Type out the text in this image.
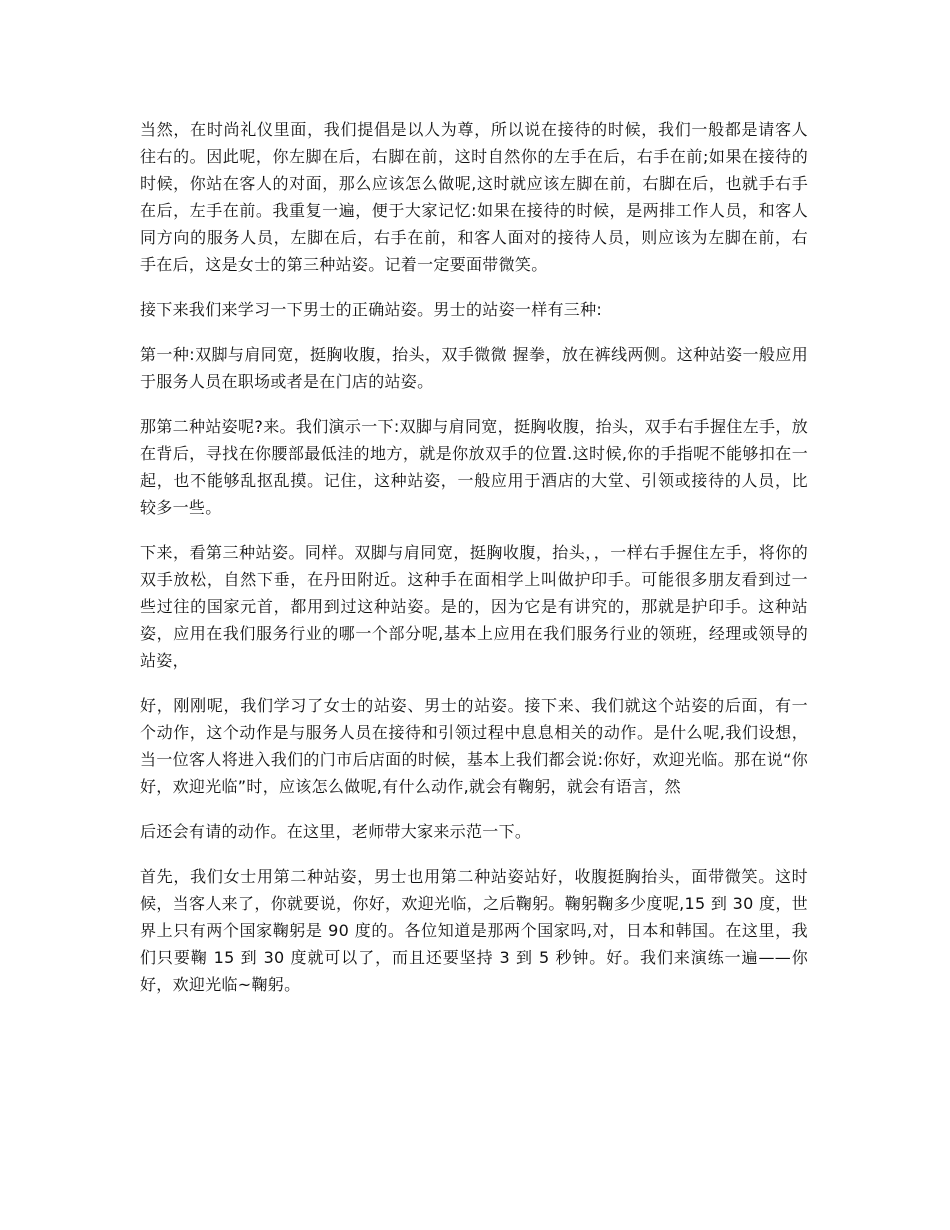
当然，在时尚礼仪里面，我们提倡是以人为尊，所以说在接待的时候，我们一般都是请客人往右的。因此呢，你左脚在后，右脚在前，这时自然你的左手在后，右手在前;如果在接待的时候，你站在客人的对面，那么应该怎么做呢,这时就应该左脚在前，右脚在后，也就手右手在后，左手在前。我重复一遍，便于大家记忆:如果在接待的时候，是两排工作人员，和客人同方向的服务人员，左脚在后，右手在前，和客人面对的接待人员，则应该为左脚在前，右手在后，这是女士的第三种站姿。记着一定要面带微笑。

接下来我们来学习一下男士的正确站姿。男士的站姿一样有三种:

第一种:双脚与肩同宽，挺胸收腹，抬头，双手微微 握拳，放在裤线两侧。这种站姿一般应用于服务人员在职场或者是在门店的站姿。

那第二种站姿呢?来。我们演示一下:双脚与肩同宽，挺胸收腹，抬头，双手右手握住左手，放在背后，寻找在你腰部最低洼的地方，就是你放双手的位置.这时候,你的手指呢不能够扣在一起，也不能够乱抠乱摸。记住，这种站姿，一般应用于酒店的大堂、引领或接待的人员，比较多一些。

下来，看第三种站姿。同样。双脚与肩同宽，挺胸收腹，抬头，，一样右手握住左手，将你的双手放松，自然下垂，在丹田附近。这种手在面相学上叫做护印手。可能很多朋友看到过一些过往的国家元首，都用到过这种站姿。是的，因为它是有讲究的，那就是护印手。这种站姿，应用在我们服务行业的哪一个部分呢,基本上应用在我们服务行业的领班，经理或领导的站姿，

好，刚刚呢，我们学习了女士的站姿、男士的站姿。接下来、我们就这个站姿的后面，有一个动作，这个动作是与服务人员在接待和引领过程中息息相关的动作。是什么呢,我们设想，当一位客人将进入我们的门市后店面的时候，基本上我们都会说:你好，欢迎光临。那在说“你好，欢迎光临”时，应该怎么做呢,有什么动作,就会有鞠躬，就会有语言，然

后还会有请的动作。在这里，老师带大家来示范一下。

首先，我们女士用第二种站姿，男士也用第二种站姿站好，收腹挺胸抬头，面带微笑。这时候，当客人来了，你就要说，你好，欢迎光临，之后鞠躬。鞠躬鞠多少度呢,15 到 30 度，世界上只有两个国家鞠躬是 90 度的。各位知道是那两个国家吗,对，日本和韩国。在这里，我们只要鞠 15 到 30 度就可以了，而且还要坚持 3 到 5 秒钟。好。我们来演练一遍——你好，欢迎光临~鞠躬。
